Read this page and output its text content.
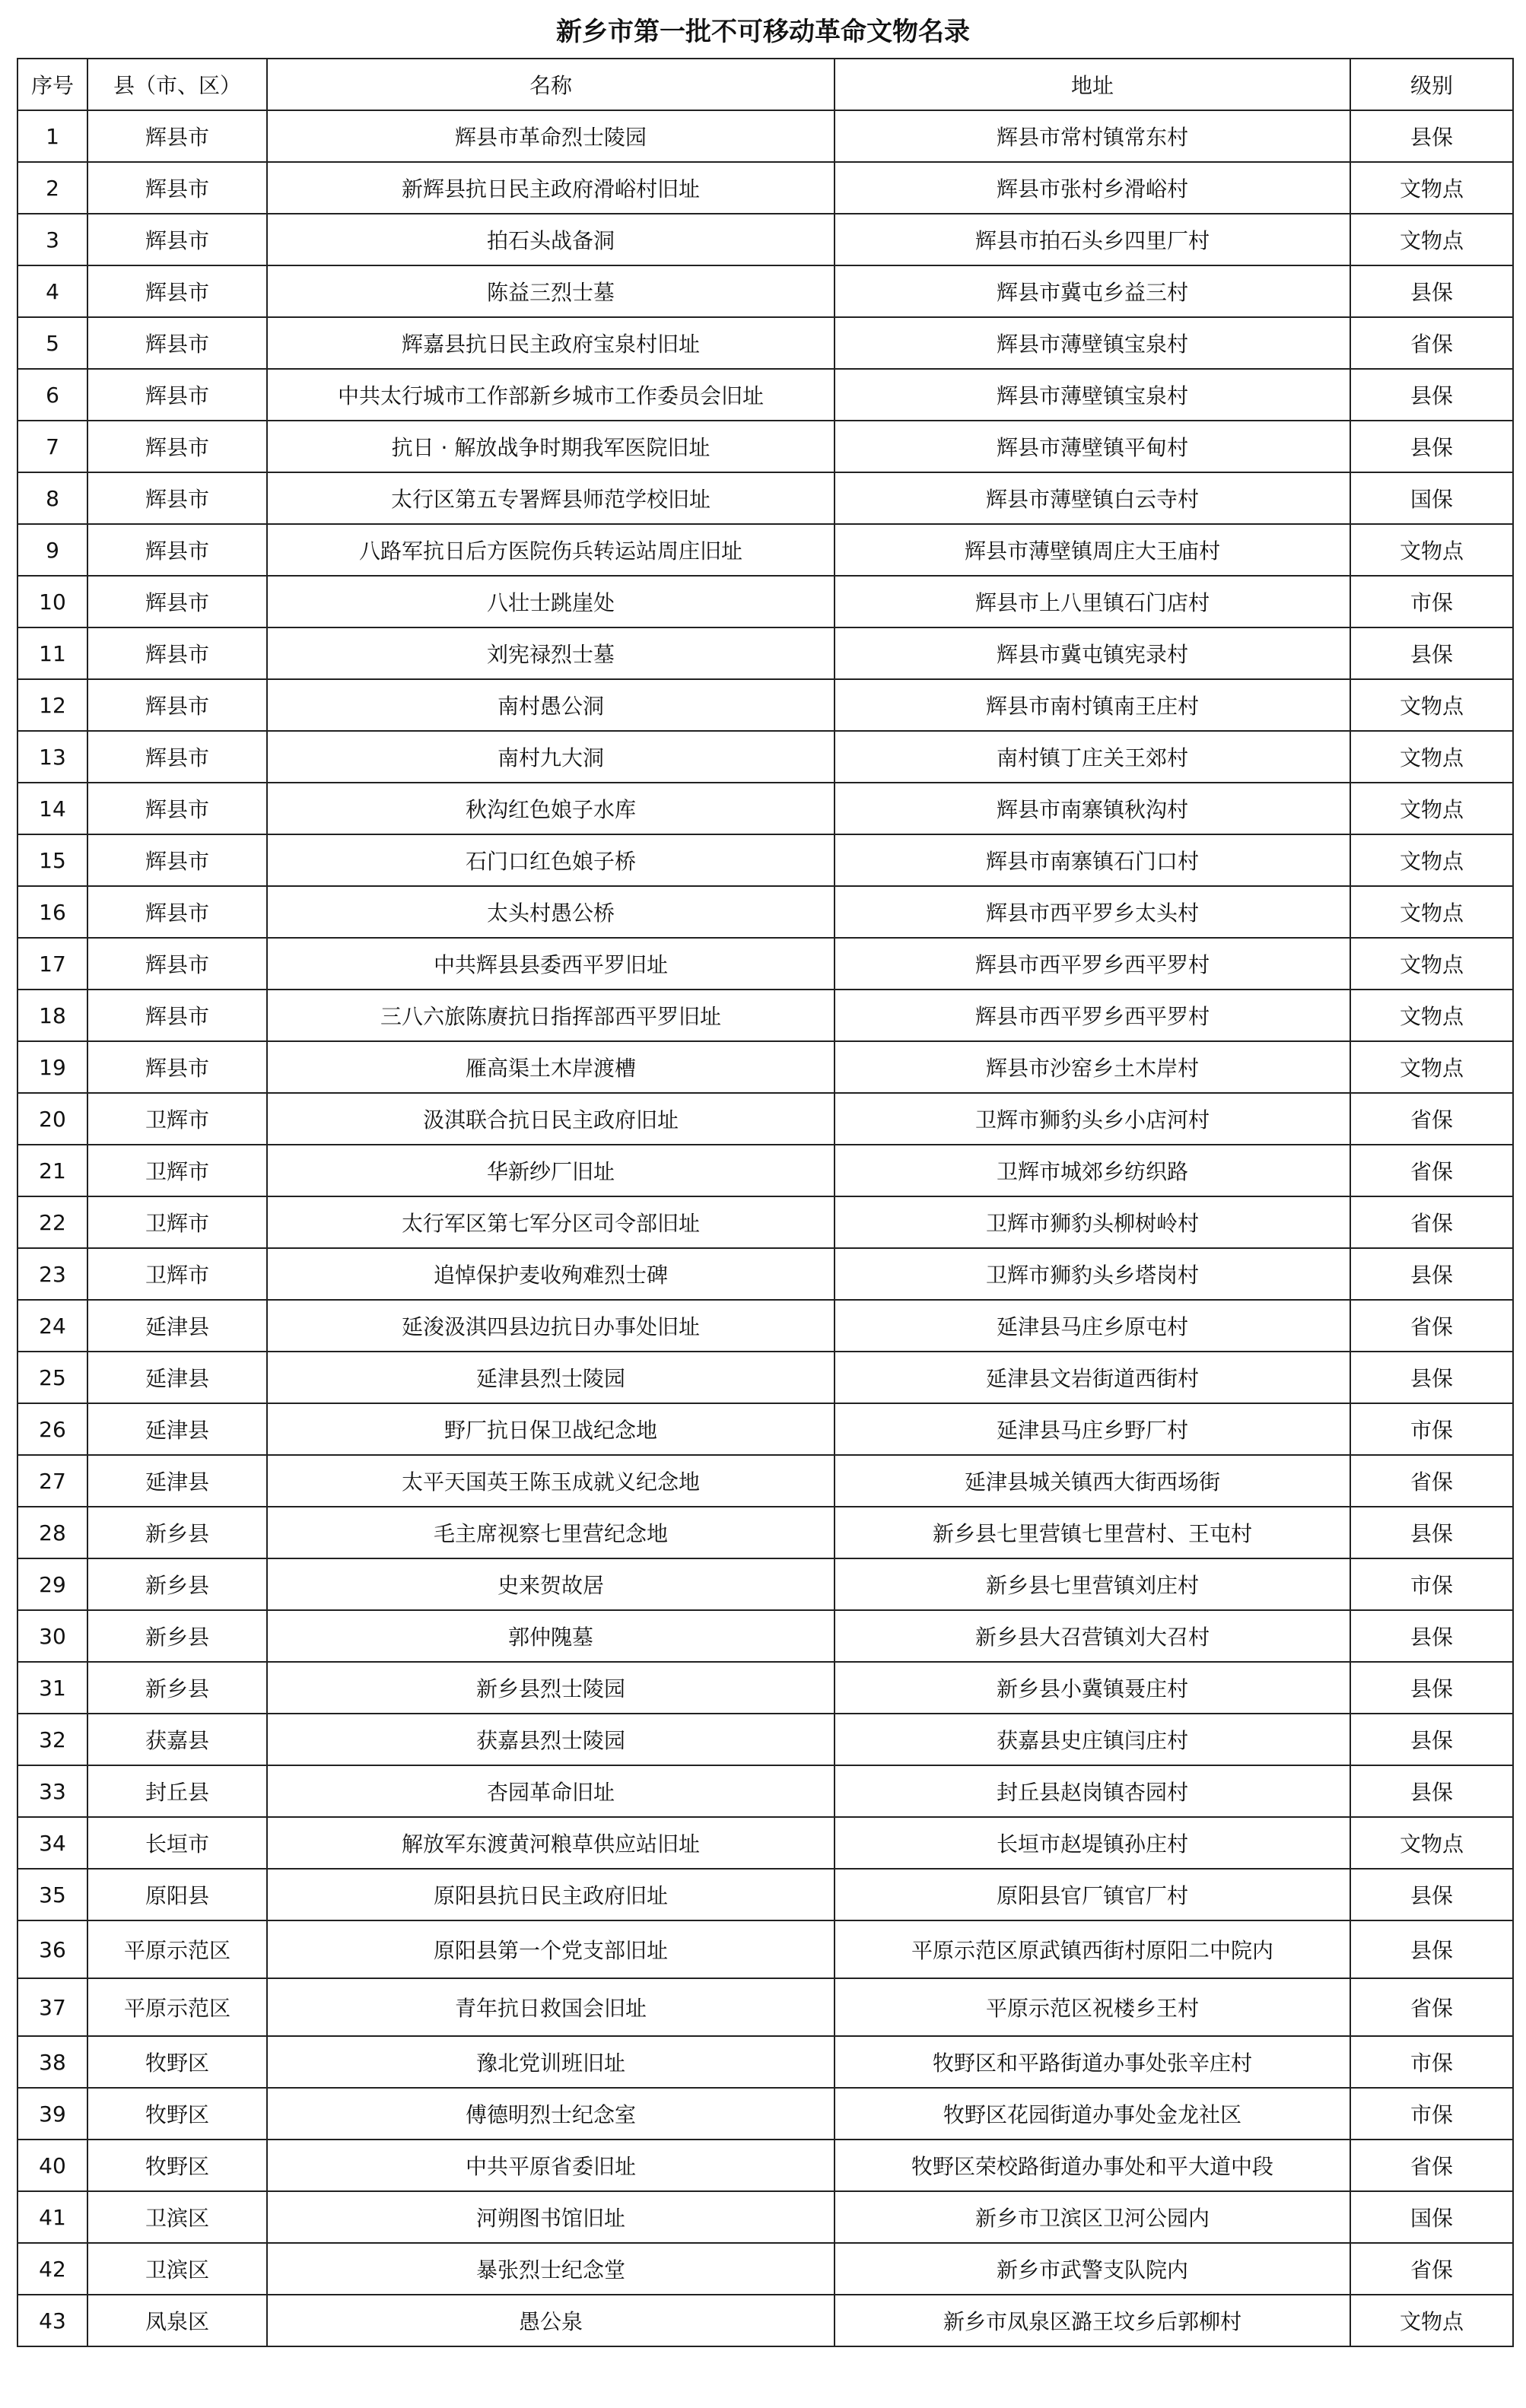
新乡市第一批不可移动革命文物名录
序号	县（市、区）	名称	地址	级别
1	辉县市	辉县市革命烈士陵园	辉县市常村镇常东村	县保
2	辉县市	新辉县抗日民主政府滑峪村旧址	辉县市张村乡滑峪村	文物点
3	辉县市	拍石头战备洞	辉县市拍石头乡四里厂村	文物点
4	辉县市	陈益三烈士墓	辉县市冀屯乡益三村	县保
5	辉县市	辉嘉县抗日民主政府宝泉村旧址	辉县市薄壁镇宝泉村	省保
6	辉县市	中共太行城市工作部新乡城市工作委员会旧址	辉县市薄壁镇宝泉村	县保
7	辉县市	抗日 · 解放战争时期我军医院旧址	辉县市薄壁镇平甸村	县保
8	辉县市	太行区第五专署辉县师范学校旧址	辉县市薄壁镇白云寺村	国保
9	辉县市	八路军抗日后方医院伤兵转运站周庄旧址	辉县市薄壁镇周庄大王庙村	文物点
10	辉县市	八壮士跳崖处	辉县市上八里镇石门店村	市保
11	辉县市	刘宪禄烈士墓	辉县市冀屯镇宪录村	县保
12	辉县市	南村愚公洞	辉县市南村镇南王庄村	文物点
13	辉县市	南村九大洞	南村镇丁庄关王郊村	文物点
14	辉县市	秋沟红色娘子水库	辉县市南寨镇秋沟村	文物点
15	辉县市	石门口红色娘子桥	辉县市南寨镇石门口村	文物点
16	辉县市	太头村愚公桥	辉县市西平罗乡太头村	文物点
17	辉县市	中共辉县县委西平罗旧址	辉县市西平罗乡西平罗村	文物点
18	辉县市	三八六旅陈赓抗日指挥部西平罗旧址	辉县市西平罗乡西平罗村	文物点
19	辉县市	雁高渠土木岸渡槽	辉县市沙窑乡土木岸村	文物点
20	卫辉市	汲淇联合抗日民主政府旧址	卫辉市狮豹头乡小店河村	省保
21	卫辉市	华新纱厂旧址	卫辉市城郊乡纺织路	省保
22	卫辉市	太行军区第七军分区司令部旧址	卫辉市狮豹头柳树岭村	省保
23	卫辉市	追悼保护麦收殉难烈士碑	卫辉市狮豹头乡塔岗村	县保
24	延津县	延浚汲淇四县边抗日办事处旧址	延津县马庄乡原屯村	省保
25	延津县	延津县烈士陵园	延津县文岩街道西街村	县保
26	延津县	野厂抗日保卫战纪念地	延津县马庄乡野厂村	市保
27	延津县	太平天国英王陈玉成就义纪念地	延津县城关镇西大街西场街	省保
28	新乡县	毛主席视察七里营纪念地	新乡县七里营镇七里营村、王屯村	县保
29	新乡县	史来贺故居	新乡县七里营镇刘庄村	市保
30	新乡县	郭仲隗墓	新乡县大召营镇刘大召村	县保
31	新乡县	新乡县烈士陵园	新乡县小冀镇聂庄村	县保
32	获嘉县	获嘉县烈士陵园	获嘉县史庄镇闫庄村	县保
33	封丘县	杏园革命旧址	封丘县赵岗镇杏园村	县保
34	长垣市	解放军东渡黄河粮草供应站旧址	长垣市赵堤镇孙庄村	文物点
35	原阳县	原阳县抗日民主政府旧址	原阳县官厂镇官厂村	县保
36	平原示范区	原阳县第一个党支部旧址	平原示范区原武镇西街村原阳二中院内	县保
37	平原示范区	青年抗日救国会旧址	平原示范区祝楼乡王村	省保
38	牧野区	豫北党训班旧址	牧野区和平路街道办事处张辛庄村	市保
39	牧野区	傅德明烈士纪念室	牧野区花园街道办事处金龙社区	市保
40	牧野区	中共平原省委旧址	牧野区荣校路街道办事处和平大道中段	省保
41	卫滨区	河朔图书馆旧址	新乡市卫滨区卫河公园内	国保
42	卫滨区	暴张烈士纪念堂	新乡市武警支队院内	省保
43	凤泉区	愚公泉	新乡市凤泉区潞王坟乡后郭柳村	文物点
